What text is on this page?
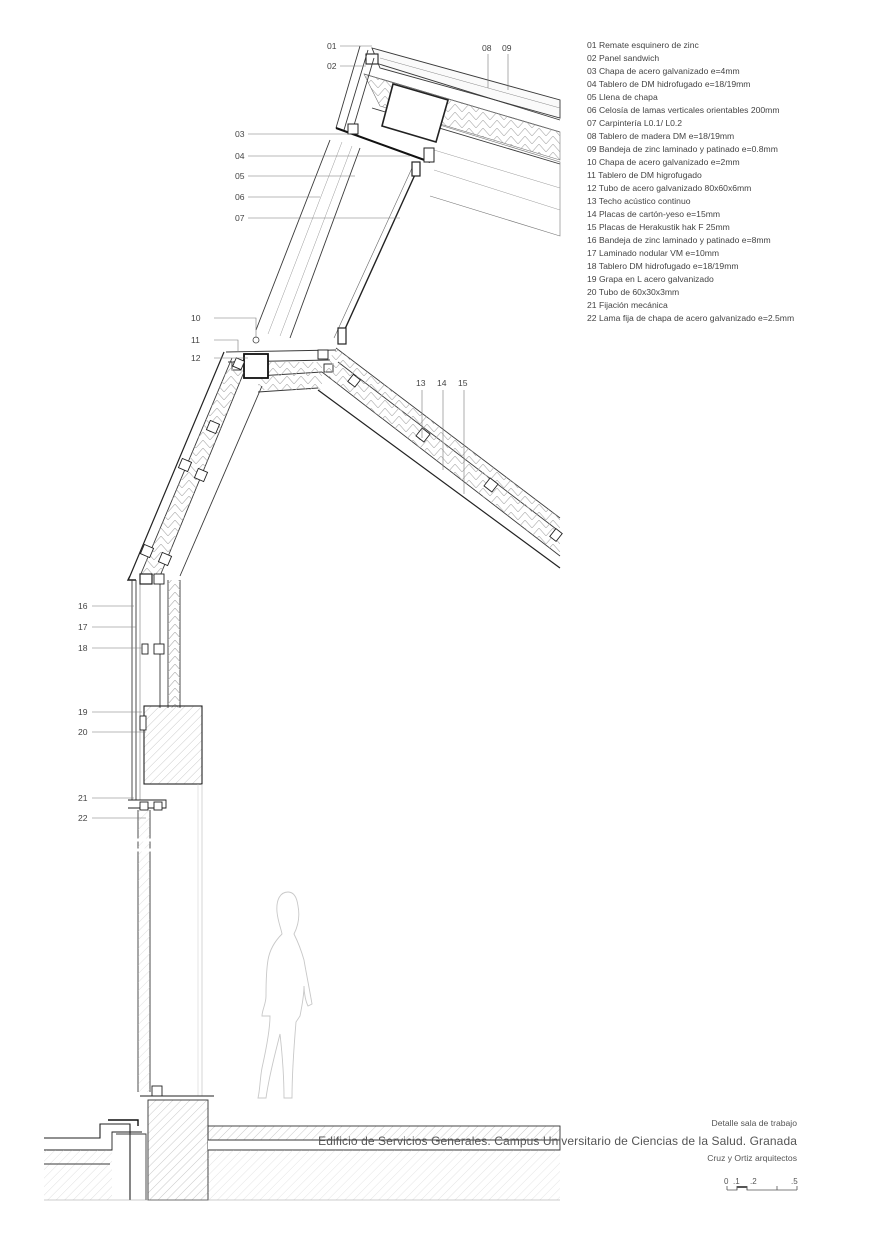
01
02
08 09
03
04
05
06
07
10
11
12
13 14 15
16
17
18
19
20
21
22
01 Remate esquinero de zinc
02 Panel sandwich
03 Chapa de acero galvanizado e=4mm
04 Tablero de DM hidrofugado e=18/19mm
05 Llena de chapa
06 Celosía de lamas verticales orientables 200mm
07 Carpintería L0.1/ L0.2
08 Tablero de madera DM e=18/19mm
09 Bandeja de zinc laminado y patinado e=0.8mm
10 Chapa de acero galvanizado e=2mm
11 Tablero de DM higrofugado
12 Tubo de acero galvanizado 80x60x6mm
13 Techo acústico continuo
14 Placas de cartón-yeso e=15mm
15 Placas de Herakustik hak F 25mm
16 Bandeja de zinc laminado y patinado e=8mm
17 Laminado nodular VM e=10mm
18 Tablero DM hidrofugado e=18/19mm
19 Grapa en L acero galvanizado
20 Tubo de 60x30x3mm
21 Fijación mecánica
22 Lama fija de chapa de acero galvanizado e=2.5mm
Detalle sala de trabajo
Edificio de Servicios Generales. Campus Universitario de Ciencias de la Salud. Granada
Cruz y Ortiz arquitectos
0 .1 .2	.5
